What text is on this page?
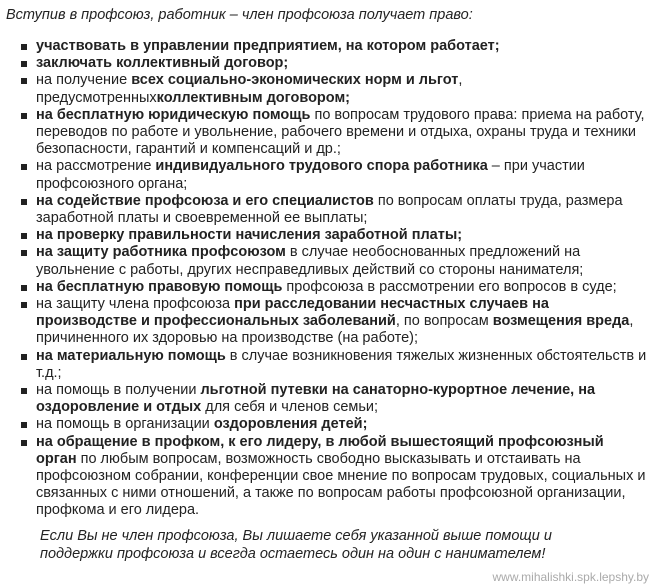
Вступив в профсоюз, работник – член профсоюза получает право:
участвовать в управлении предприятием, на котором работает;
заключать коллективный договор;
на получение всех социально-экономических норм и льгот, предусмотренныхколлективным договором;
на бесплатную юридическую помощь по вопросам трудового права: приема на работу, переводов по работе и увольнение, рабочего времени и отдыха, охраны труда и техники безопасности, гарантий и компенсаций и др.;
на рассмотрение индивидуального трудового спора работника – при участии профсоюзного органа;
на содействие профсоюза и его специалистов по вопросам оплаты труда, размера заработной платы и своевременной ее выплаты;
на проверку правильности начисления заработной платы;
на защиту работника профсоюзом в случае необоснованных предложений на увольнение с работы, других несправедливых действий со стороны нанимателя;
на бесплатную правовую помощь профсоюза в рассмотрении его вопросов в суде;
на защиту члена профсоюза при расследовании несчастных случаев на производстве и профессиональных заболеваний, по вопросам возмещения вреда, причиненного их здоровью на производстве (на работе);
на материальную помощь в случае возникновения тяжелых жизненных обстоятельств и т.д.;
на помощь в получении льготной путевки на санаторно-курортное лечение, на оздоровление и отдых для себя и членов семьи;
на помощь в организации оздоровления детей;
на обращение в профком, к его лидеру, в любой вышестоящий профсоюзный орган по любым вопросам, возможность свободно высказывать и отстаивать на профсоюзном собрании, конференции свое мнение по вопросам трудовых, социальных и связанных с ними отношений, а также по вопросам работы профсоюзной организации, профкома и его лидера.
Если Вы не член профсоюза, Вы лишаете себя указанной выше помощи и поддержки профсоюза и всегда остаетесь один на один с нанимателем!
www.mihalishki.spk.lepshy.by
